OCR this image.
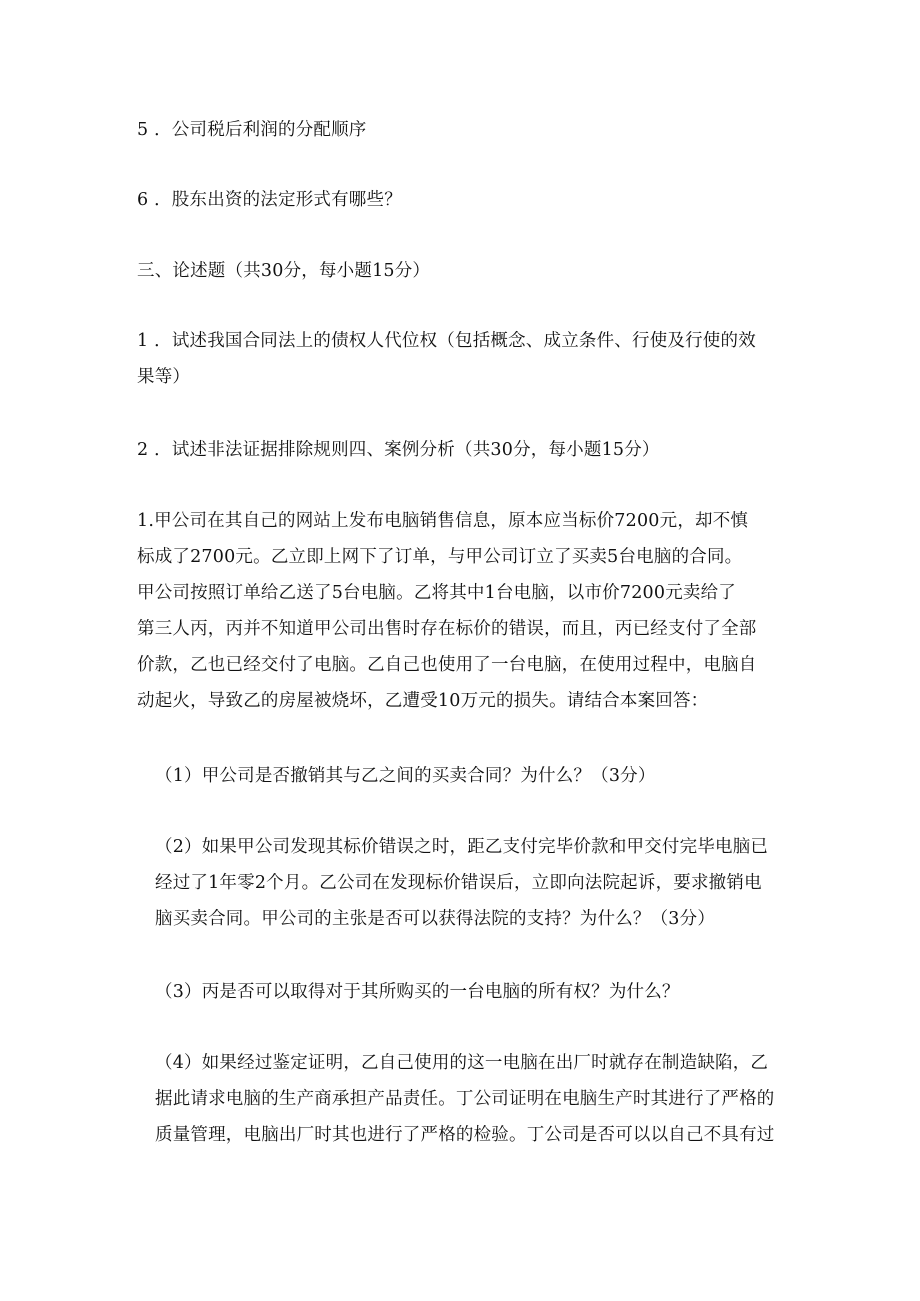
5 ．公司税后利润的分配顺序
6 ．股东出资的法定形式有哪些？
三、论述题（共30分，每小题15分）
1 ．试述我国合同法上的债权人代位权（包括概念、成立条件、行使及行使的效
果等）
2 ．试述非法证据排除规则四、案例分析（共30分，每小题15分）
1.甲公司在其自己的网站上发布电脑销售信息，原本应当标价7200元，却不慎
标成了2700元。乙立即上网下了订单，与甲公司订立了买卖5台电脑的合同。
甲公司按照订单给乙送了5台电脑。乙将其中1台电脑，以市价7200元卖给了
第三人丙，丙并不知道甲公司出售时存在标价的错误，而且，丙已经支付了全部
价款，乙也已经交付了电脑。乙自己也使用了一台电脑，在使用过程中，电脑自
动起火，导致乙的房屋被烧坏，乙遭受10万元的损失。请结合本案回答：
（1）甲公司是否撤销其与乙之间的买卖合同？为什么？（3分）
（2）如果甲公司发现其标价错误之时，距乙支付完毕价款和甲交付完毕电脑已
经过了1年零2个月。乙公司在发现标价错误后，立即向法院起诉，要求撤销电
脑买卖合同。甲公司的主张是否可以获得法院的支持？为什么？（3分）
（3）丙是否可以取得对于其所购买的一台电脑的所有权？为什么？
（4）如果经过鉴定证明，乙自己使用的这一电脑在出厂时就存在制造缺陷，乙
据此请求电脑的生产商承担产品责任。丁公司证明在电脑生产时其进行了严格的
质量管理，电脑出厂时其也进行了严格的检验。丁公司是否可以以自己不具有过
